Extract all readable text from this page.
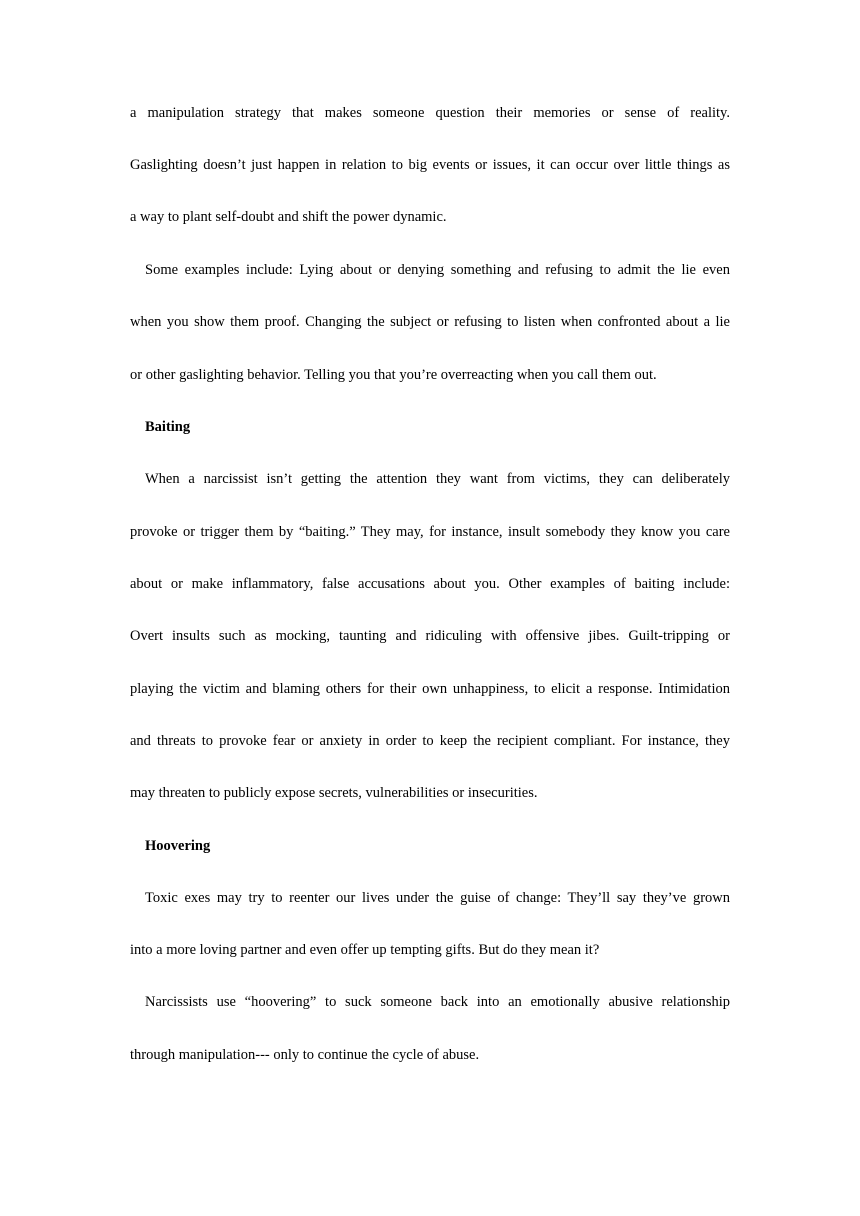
a manipulation strategy that makes someone question their memories or sense of reality.
Gaslighting doesn’t just happen in relation to big events or issues, it can occur over little things as
a way to plant self-doubt and shift the power dynamic.
Some examples include: Lying about or denying something and refusing to admit the lie even
when you show them proof. Changing the subject or refusing to listen when confronted about a lie
or other gaslighting behavior. Telling you that you’re overreacting when you call them out.
Baiting
When a narcissist isn’t getting the attention they want from victims, they can deliberately
provoke or trigger them by “baiting.” They may, for instance, insult somebody they know you care
about or make inflammatory, false accusations about you. Other examples of baiting include:
Overt insults such as mocking, taunting and ridiculing with offensive jibes. Guilt-tripping or
playing the victim and blaming others for their own unhappiness, to elicit a response. Intimidation
and threats to provoke fear or anxiety in order to keep the recipient compliant. For instance, they
may threaten to publicly expose secrets, vulnerabilities or insecurities.
Hoovering
Toxic exes may try to reenter our lives under the guise of change: They’ll say they’ve grown
into a more loving partner and even offer up tempting gifts. But do they mean it?
Narcissists use “hoovering” to suck someone back into an emotionally abusive relationship
through manipulation--- only to continue the cycle of abuse.
